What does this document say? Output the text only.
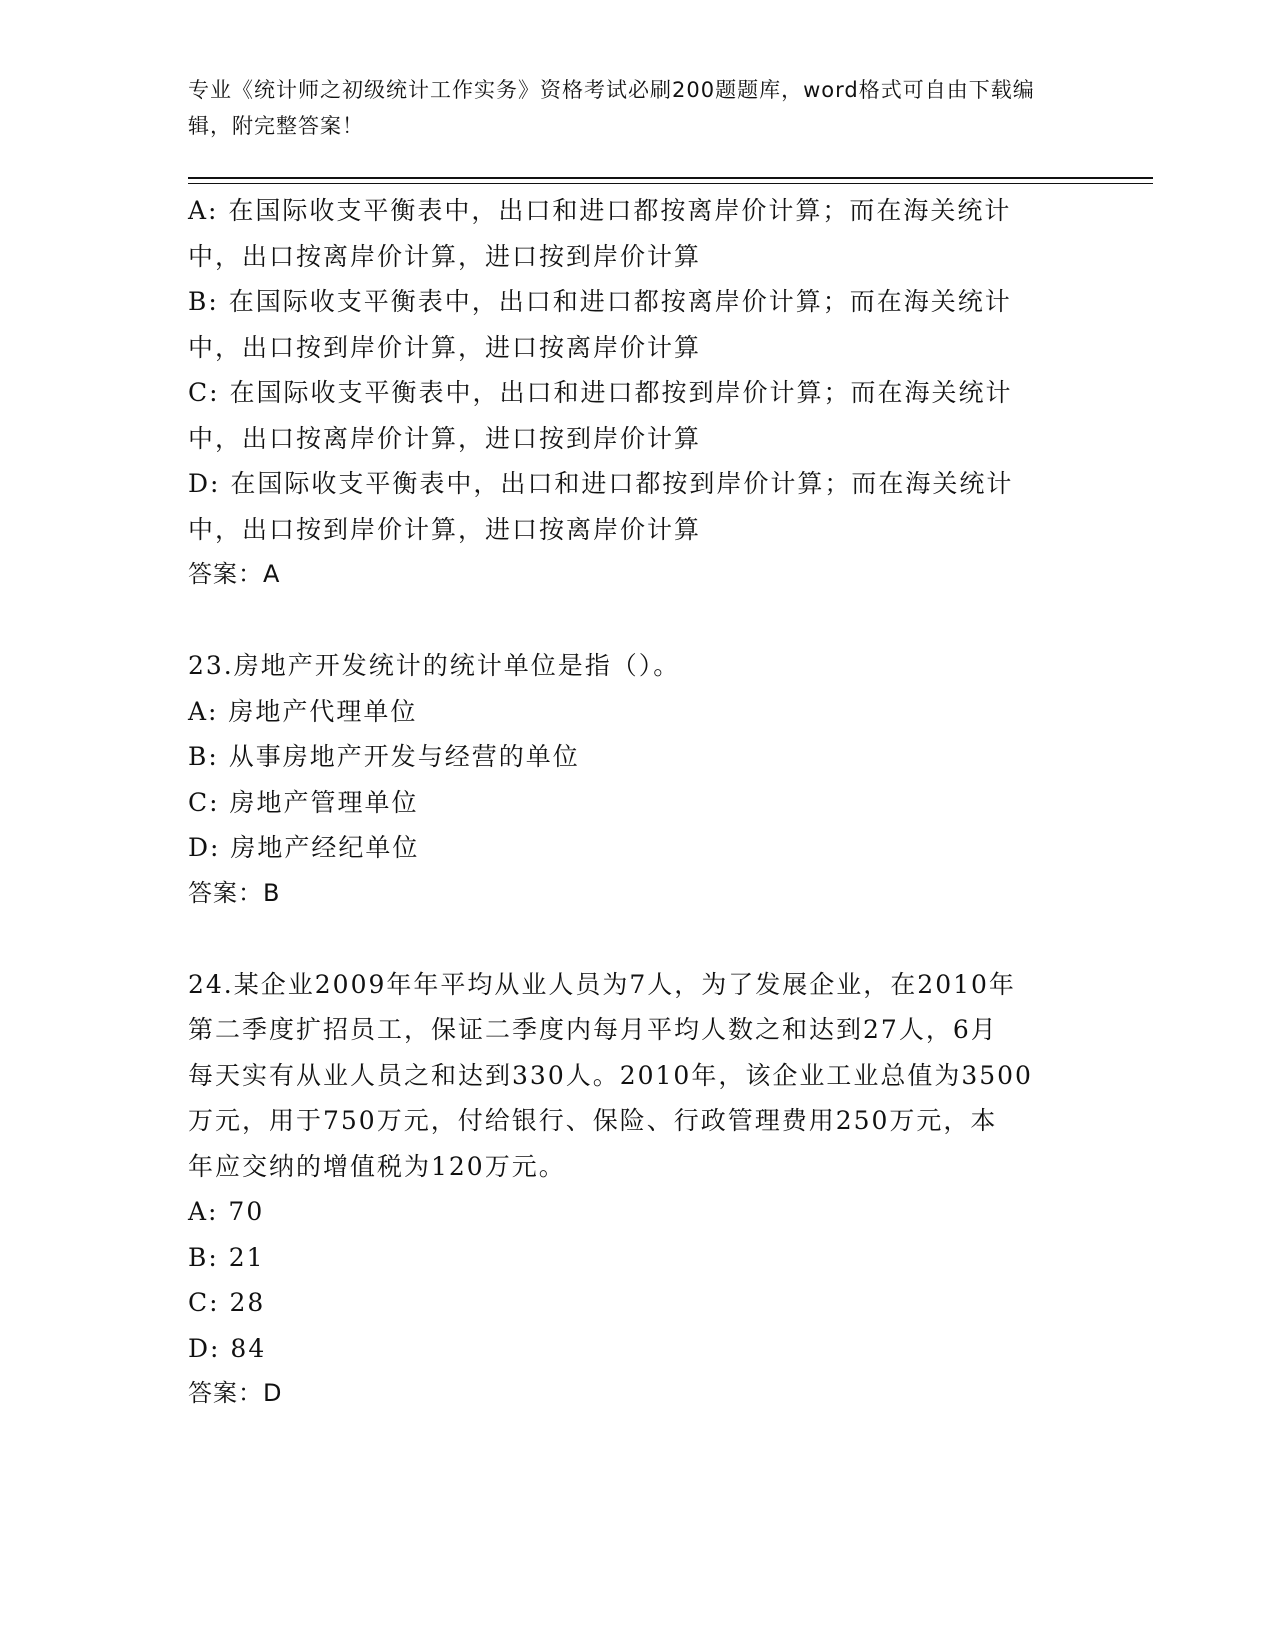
专业《统计师之初级统计工作实务》资格考试必刷200题题库，word格式可自由下载编辑，附完整答案！
A: 在国际收支平衡表中，出口和进口都按离岸价计算；而在海关统计
中，出口按离岸价计算，进口按到岸价计算
B: 在国际收支平衡表中，出口和进口都按离岸价计算；而在海关统计
中，出口按到岸价计算，进口按离岸价计算
C: 在国际收支平衡表中，出口和进口都按到岸价计算；而在海关统计
中，出口按离岸价计算，进口按到岸价计算
D: 在国际收支平衡表中，出口和进口都按到岸价计算；而在海关统计
中，出口按到岸价计算，进口按离岸价计算
答案：A
23.房地产开发统计的统计单位是指（）。
A: 房地产代理单位
B: 从事房地产开发与经营的单位
C: 房地产管理单位
D: 房地产经纪单位
答案：B
24.某企业2009年年平均从业人员为7人，为了发展企业，在2010年
第二季度扩招员工，保证二季度内每月平均人数之和达到27人，6月
每天实有从业人员之和达到330人。2010年，该企业工业总值为3500
万元，用于750万元，付给银行、保险、行政管理费用250万元，本
年应交纳的增值税为120万元。
A: 70
B: 21
C: 28
D: 84
答案：D
